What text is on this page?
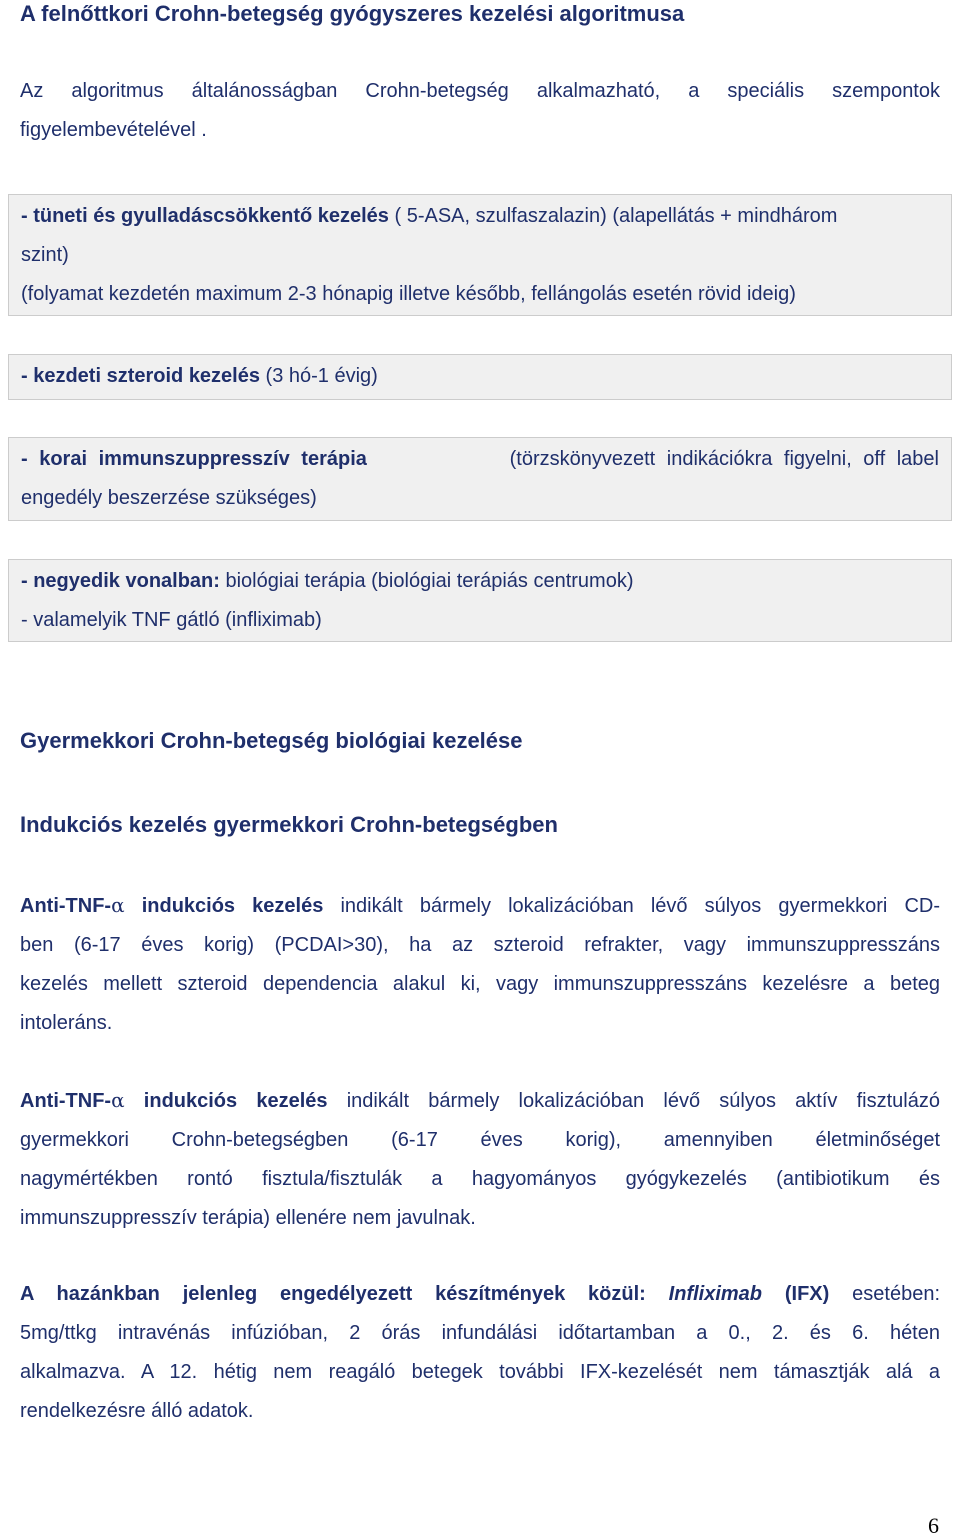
A felnőttkori Crohn-betegség gyógyszeres kezelési algoritmusa
Az algoritmus általánosságban Crohn-betegség alkalmazható, a speciális szempontok
figyelembevételével .
- tüneti és gyulladáscsökkentő kezelés ( 5-ASA, szulfaszalazin) (alapellátás + mindhárom
szint)
(folyamat kezdetén maximum 2-3 hónapig illetve később, fellángolás esetén rövid ideig)
- kezdeti szteroid kezelés (3 hó-1 évig)
- korai immunszuppresszív terápia	(törzskönyvezett indikációkra figyelni, off label
engedély beszerzése szükséges)
- negyedik vonalban: biológiai terápia (biológiai terápiás centrumok)
- valamelyik TNF gátló (infliximab)
Gyermekkori Crohn-betegség biológiai kezelése
Indukciós kezelés gyermekkori Crohn-betegségben
Anti-TNF-α indukciós kezelés indikált bármely lokalizációban lévő súlyos gyermekkori CD-
ben (6-17 éves korig) (PCDAI>30), ha az szteroid refrakter, vagy immunszuppresszáns
kezelés mellett szteroid dependencia alakul ki, vagy immunszuppresszáns kezelésre a beteg
intoleráns.
Anti-TNF-α indukciós kezelés indikált bármely lokalizációban lévő súlyos aktív fisztulázó
gyermekkori Crohn-betegségben (6-17 éves korig), amennyiben életminőséget
nagymértékben rontó fisztula/fisztulák a hagyományos gyógykezelés (antibiotikum és
immunszuppresszív terápia) ellenére nem javulnak.
A hazánkban jelenleg engedélyezett készítmények közül: Infliximab (IFX) esetében:
5mg/ttkg intravénás infúzióban, 2 órás infundálási időtartamban a 0., 2. és 6. héten
alkalmazva. A 12. hétig nem reagáló betegek további IFX-kezelését nem támasztják alá a
rendelkezésre álló adatok.
6
